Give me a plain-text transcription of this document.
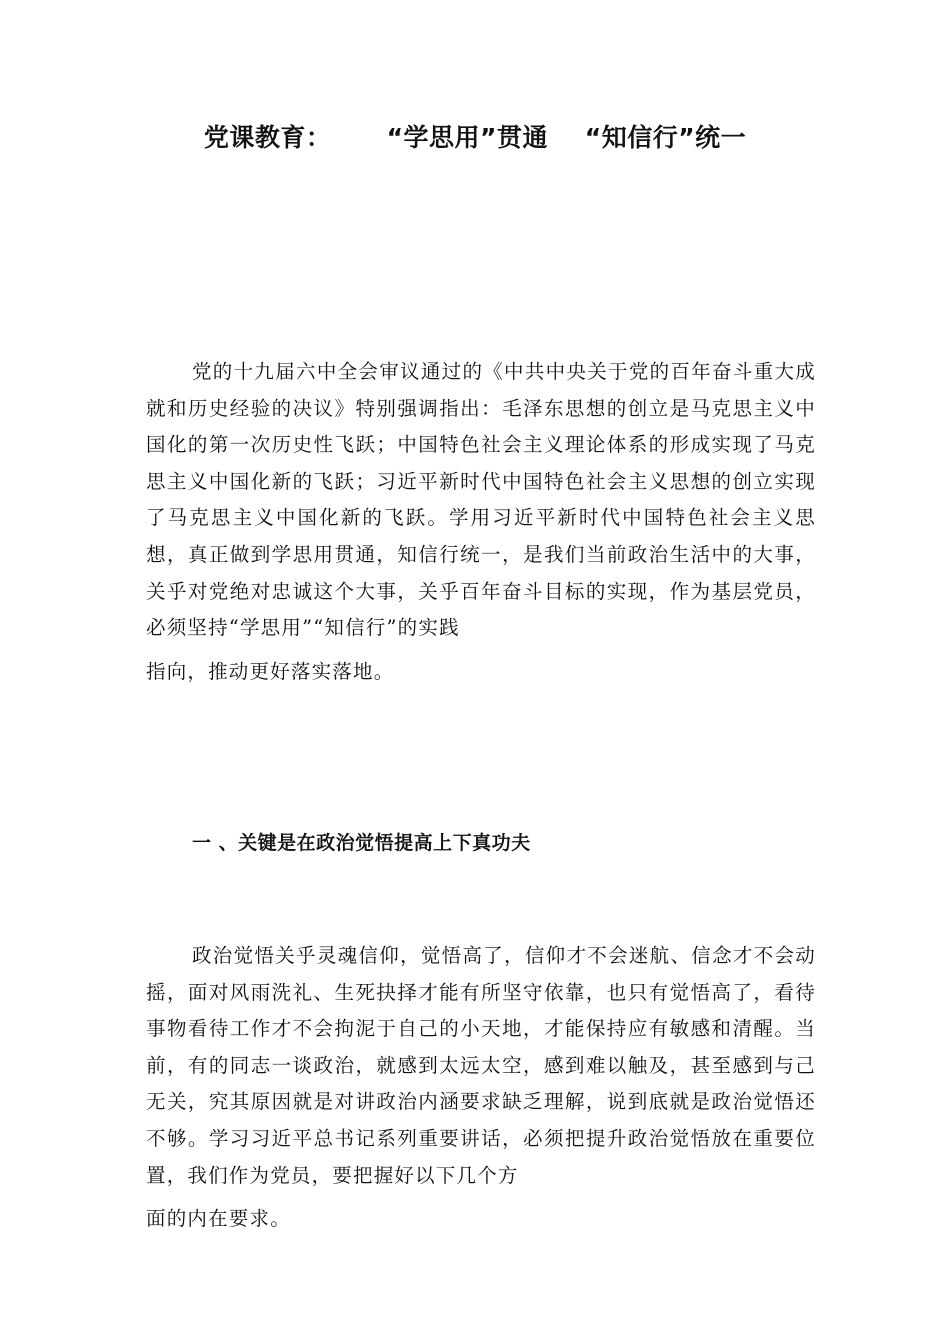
党课教育：      “学思用”贯通    “知信行”统一

党的十九届六中全会审议通过的《中共中央关于党的百年奋斗重大成就和历史经验的决议》特别强调指出：毛泽东思想的创立是马克思主义中国化的第一次历史性飞跃；中国特色社会主义理论体系的形成实现了马克思主义中国化新的飞跃；习近平新时代中国特色社会主义思想的创立实现了马克思主义中国化新的飞跃。学用习近平新时代中国特色社会主义思想，真正做到学思用贯通，知信行统一，是我们当前政治生活中的大事，关乎对党绝对忠诚这个大事，关乎百年奋斗目标的实现，作为基层党员，必须坚持“学思用”“知信行”的实践
指向，推动更好落实落地。

一 、关键是在政治觉悟提高上下真功夫

政治觉悟关乎灵魂信仰，觉悟高了，信仰才不会迷航、信念才不会动摇，面对风雨洗礼、生死抉择才能有所坚守依靠，也只有觉悟高了，看待事物看待工作才不会拘泥于自己的小天地，才能保持应有敏感和清醒。当前，有的同志一谈政治，就感到太远太空，感到难以触及，甚至感到与己无关，究其原因就是对讲政治内涵要求缺乏理解，说到底就是政治觉悟还不够。学习习近平总书记系列重要讲话，必须把提升政治觉悟放在重要位置，我们作为党员，要把握好以下几个方
面的内在要求。
